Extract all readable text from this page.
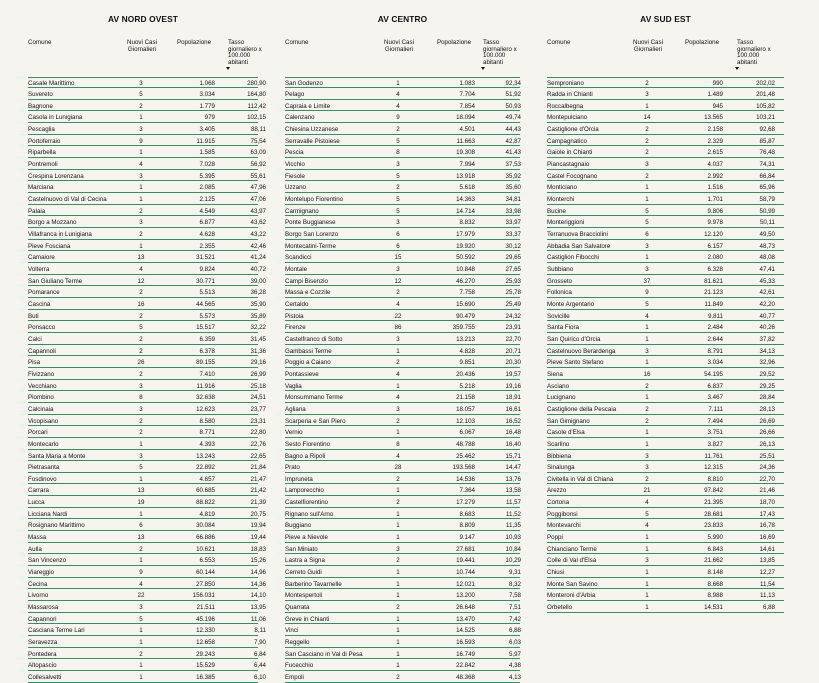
AV NORD OVEST
Comune	Nuovi Casi
Giornalieri
Popolazione	Tasso
giornaliero x
100.000
abitanti
Casale Marittimo	3	1.068	280,90
Suvereto	5	3.034	164,80
Bagnone	2	1.779	112,42
Casola in Lunigiana	1	979	102,15
Pescaglia	3	3.405	88,11
Portoferraio	9	11.915	75,54
Riparbella	1	1.585	63,09
Pontremoli	4	7.028	56,92
Crespina Lorenzana	3	5.395	55,61
Marciana	1	2.085	47,96
Castelnuovo di Val di Cecina	1	2.125	47,06
Palaia	2	4.549	43,97
Borgo a Mozzano	3	6.877	43,62
Villafranca in Lunigiana	2	4.628	43,22
Pieve Fosciana	1	2.355	42,46
Camaiore	13	31.521	41,24
Volterra	4	9.824	40,72
San Giuliano Terme	12	30.771	39,00
Pomarance	2	5.513	36,28
Cascina	16	44.565	35,90
Buti	2	5.573	35,89
Ponsacco	5	15.517	32,22
Calci	2	6.359	31,45
Capannoli	2	6.378	31,36
Pisa	26	89.155	29,16
Fivizzano	2	7.410	26,99
Vecchiano	3	11.916	25,18
Piombino	8	32.638	24,51
Calcinaia	3	12.623	23,77
Vicopisano	2	8.580	23,31
Porcari	2	8.771	22,80
Montecarlo	1	4.393	22,76
Santa Maria a Monte	3	13.243	22,65
Pietrasanta	5	22.892	21,84
Fosdinovo	1	4.657	21,47
Carrara	13	60.685	21,42
Lucca	19	88.822	21,39
Licciana Nardi	1	4.819	20,75
Rosignano Marittimo	6	30.084	19,94
Massa	13	66.886	19,44
Aulla	2	10.621	18,83
San Vincenzo	1	6.553	15,26
Viareggio	9	60.144	14,96
Cecina	4	27.850	14,36
Livorno	22	156.031	14,10
Massarosa	3	21.511	13,95
Capannori	5	45.196	11,06
Casciana Terme Lari	1	12.330	8,11
Seravezza	1	12.658	7,90
Pontedera	2	29.243	6,84
Altopascio	1	15.529	6,44
Collesalvetti	1	16.385	6,10
AV CENTRO
Comune	Nuovi Casi
Giornalieri
Popolazione	Tasso
giornaliero x
100.000
abitanti
San Godenzo	1	1.083	92,34
Pelago	4	7.704	51,92
Capraia e Limite	4	7.854	50,93
Calenzano	9	18.094	49,74
Chiesina Uzzanese	2	4.501	44,43
Serravalle Pistoiese	5	11.663	42,87
Pescia	8	19.308	41,43
Vicchio	3	7.994	37,53
Fiesole	5	13.918	35,92
Uzzano	2	5.618	35,60
Montelupo Fiorentino	5	14.363	34,81
Carmignano	5	14.714	33,98
Ponte Buggianese	3	8.832	33,97
Borgo San Lorenzo	6	17.979	33,37
Montecatini-Terme	6	19.920	30,12
Scandicci	15	50.592	29,65
Montale	3	10.848	27,65
Campi Bisenzio	12	46.270	25,93
Massa e Cozzile	2	7.758	25,78
Certaldo	4	15.690	25,49
Pistoia	22	90.479	24,32
Firenze	86	359.755	23,91
Castelfranco di Sotto	3	13.213	22,70
Gambassi Terme	1	4.828	20,71
Poggio a Caiano	2	9.851	20,30
Pontassieve	4	20.436	19,57
Vaglia	1	5.218	19,16
Monsummano Terme	4	21.158	18,91
Agliana	3	18.057	16,61
Scarperia e San Piero	2	12.103	16,52
Vernio	1	6.067	16,48
Sesto Fiorentino	8	48.788	16,40
Bagno a Ripoli	4	25.462	15,71
Prato	28	193.568	14,47
Impruneta	2	14.536	13,76
Lamporecchio	1	7.364	13,58
Castelfiorentino	2	17.279	11,57
Rignano sull'Arno	1	8.683	11,52
Buggiano	1	8.809	11,35
Pieve a Nievole	1	9.147	10,93
San Miniato	3	27.681	10,84
Lastra a Signa	2	19.441	10,29
Cerreto Guidi	1	10.744	9,31
Barberino Tavarnelle	1	12.021	8,32
Montespertoli	1	13.200	7,58
Quarrata	2	26.648	7,51
Greve in Chianti	1	13.470	7,42
Vinci	1	14.525	6,88
Reggello	1	16.593	6,03
San Casciano in Val di Pesa	1	16.749	5,97
Fucecchio	1	22.842	4,38
Empoli	2	48.368	4,13
AV SUD EST
Comune	Nuovi Casi
Giornalieri
Popolazione	Tasso
giornaliero x
100.000
abitanti
Semproniano	2	990	202,02
Radda in Chianti	3	1.489	201,48
Roccalbegna	1	945	105,82
Montepulciano	14	13.565	103,21
Castiglione d'Orcia	2	2.158	92,68
Campagnatico	2	2.329	85,87
Gaiole in Chianti	2	2.615	76,48
Piancastagnaio	3	4.037	74,31
Castel Focognano	2	2.992	66,84
Monticiano	1	1.516	65,96
Monterchi	1	1.701	58,79
Bucine	5	9.806	50,99
Monteriggioni	5	9.978	50,11
Terranuova Bracciolini	6	12.120	49,50
Abbadia San Salvatore	3	6.157	48,73
Castiglion Fibocchi	1	2.080	48,08
Subbiano	3	6.328	47,41
Grosseto	37	81.621	45,33
Follonica	9	21.123	42,61
Monte Argentario	5	11.849	42,20
Sovicille	4	9.811	40,77
Santa Fiora	1	2.484	40,26
San Quirico d'Orcia	1	2.644	37,82
Castelnuovo Berardenga	3	8.791	34,13
Pieve Santo Stefano	1	3.034	32,96
Siena	16	54.195	29,52
Asciano	2	6.837	29,25
Lucignano	1	3.467	28,84
Castiglione della Pescaia	2	7.111	28,13
San Gimignano	2	7.494	26,69
Casole d'Elsa	1	3.751	26,66
Scarlino	1	3.827	26,13
Bibbiena	3	11.761	25,51
Sinalunga	3	12.315	24,36
Civitella in Val di Chiana	2	8.810	22,70
Arezzo	21	97.842	21,46
Cortona	4	21.395	18,70
Poggibonsi	5	28.681	17,43
Montevarchi	4	23.833	16,78
Poppi	1	5.990	16,69
Chianciano Terme	1	6.843	14,61
Colle di Val d'Elsa	3	21.662	13,85
Chiusi	1	8.148	12,27
Monte San Savino	1	8.668	11,54
Monteroni d'Arbia	1	8.988	11,13
Orbetello	1	14.531	6,88
